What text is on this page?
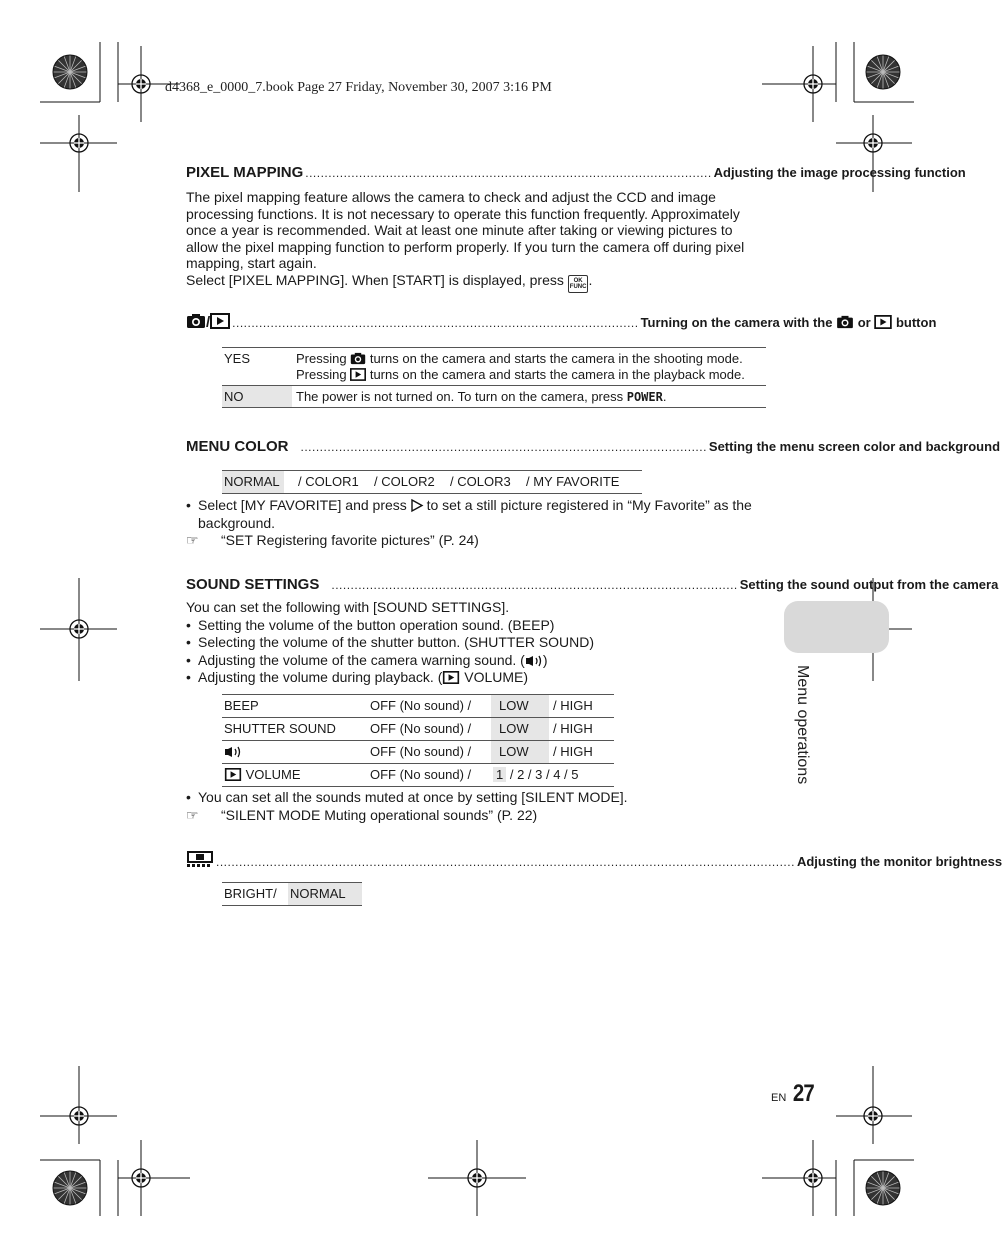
d4368_e_0000_7.book Page 27 Friday, November 30, 2007 3:16 PM
PIXEL MAPPING .......................................................................................................... Adjusting the image processing function

The pixel mapping feature allows the camera to check and adjust the CCD and image

processing functions. It is not necessary to operate this function frequently. Approximately

once a year is recommended. Wait at least one minute after taking or viewing pictures to

allow the pixel mapping function to perform properly. If you turn the camera off during pixel

mapping, start again.

Select [PIXEL MAPPING]. When [START] is displayed, press OK
FUNC .

/	.......................................................................................................... Turning on the camera with the or button
YES	Pressing turns on the camera and starts the camera in the shooting mode.
Pressing turns on the camera and starts the camera in the playback mode.

NO	The power is not turned on. To turn on the camera, press POWER.
MENU COLOR .......................................................................................................... Setting the menu screen color and background
NORMAL	/ COLOR1	/ COLOR2	/ COLOR3	/ MY FAVORITE
• Select [MY FAVORITE] and press to set a still picture registered in “My Favorite” as the
background.
☞	“SET Registering favorite pictures” (P. 24)
SOUND SETTINGS .......................................................................................................... Setting the sound output from the camera
You can set the following with [SOUND SETTINGS].
• Setting the volume of the button operation sound. (BEEP)
• Selecting the volume of the shutter button. (SHUTTER SOUND)
• Adjusting the volume of the camera warning sound. ( )
• Adjusting the volume during playback. ( VOLUME)
BEEP	OFF (No sound) /	LOW	/ HIGH
SHUTTER SOUND	OFF (No sound) /	LOW	/ HIGH
	OFF (No sound) /	LOW	/ HIGH
VOLUME	OFF (No sound) /	1 / 2 / 3 / 4 / 5	
• You can set all the sounds muted at once by setting [SILENT MODE].
☞	“SILENT MODE Muting operational sounds” (P. 22)
....................................................................................................................................................... Adjusting the monitor brightness
BRIGHT/	NORMAL
Menu operations
EN 27
